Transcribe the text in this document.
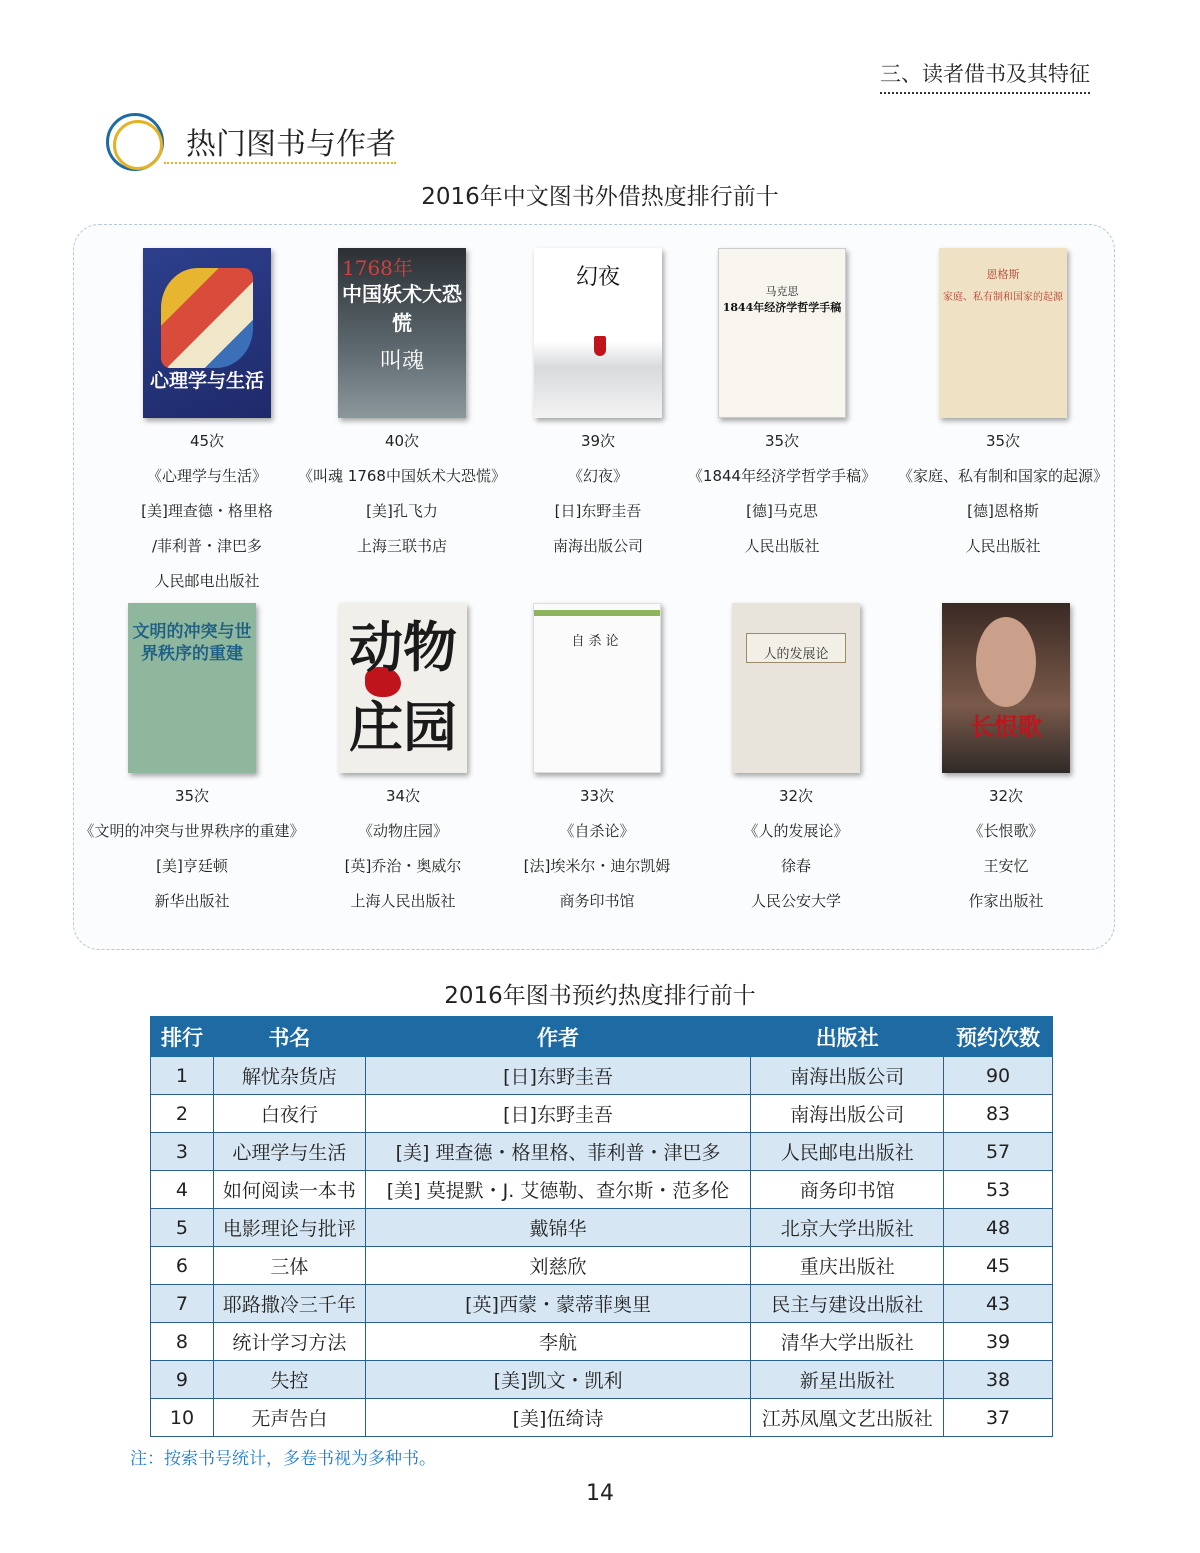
三、读者借书及其特征
热门图书与作者
2016年中文图书外借热度排行前十
心理学与生活
45次
《心理学与生活》
[美]理查德・格里格
/菲利普・津巴多
人民邮电出版社
1768年
中国妖术大恐慌
叫魂
40次
《叫魂 1768中国妖术大恐慌》
[美]孔飞力
上海三联书店
幻夜
39次
《幻夜》
[日]东野圭吾
南海出版公司
马克思
1844年经济学哲学手稿
35次
《1844年经济学哲学手稿》
[德]马克思
人民出版社
恩格斯
家庭、私有制和国家的起源
35次
《家庭、私有制和国家的起源》
[德]恩格斯
人民出版社
文明的冲突与世界秩序的重建
35次
《文明的冲突与世界秩序的重建》
[美]亨廷顿
新华出版社
动物庄园
34次
《动物庄园》
[英]乔治・奥威尔
上海人民出版社
自杀论
33次
《自杀论》
[法]埃米尔・迪尔凯姆
商务印书馆
人的发展论
32次
《人的发展论》
徐春
人民公安大学
长恨歌
32次
《长恨歌》
王安忆
作家出版社
2016年图书预约热度排行前十
排行	书名	作者	出版社	预约次数
1	解忧杂货店	[日]东野圭吾	南海出版公司	90
2	白夜行	[日]东野圭吾	南海出版公司	83
3	心理学与生活	[美] 理查德・格里格、菲利普・津巴多	人民邮电出版社	57
4	如何阅读一本书	[美] 莫提默・J. 艾德勒、查尔斯・范多伦	商务印书馆	53
5	电影理论与批评	戴锦华	北京大学出版社	48
6	三体	刘慈欣	重庆出版社	45
7	耶路撒冷三千年	[英]西蒙・蒙蒂菲奥里	民主与建设出版社	43
8	统计学习方法	李航	清华大学出版社	39
9	失控	[美]凯文・凯利	新星出版社	38
10	无声告白	[美]伍绮诗	江苏凤凰文艺出版社	37
注：按索书号统计，多卷书视为多种书。
14
